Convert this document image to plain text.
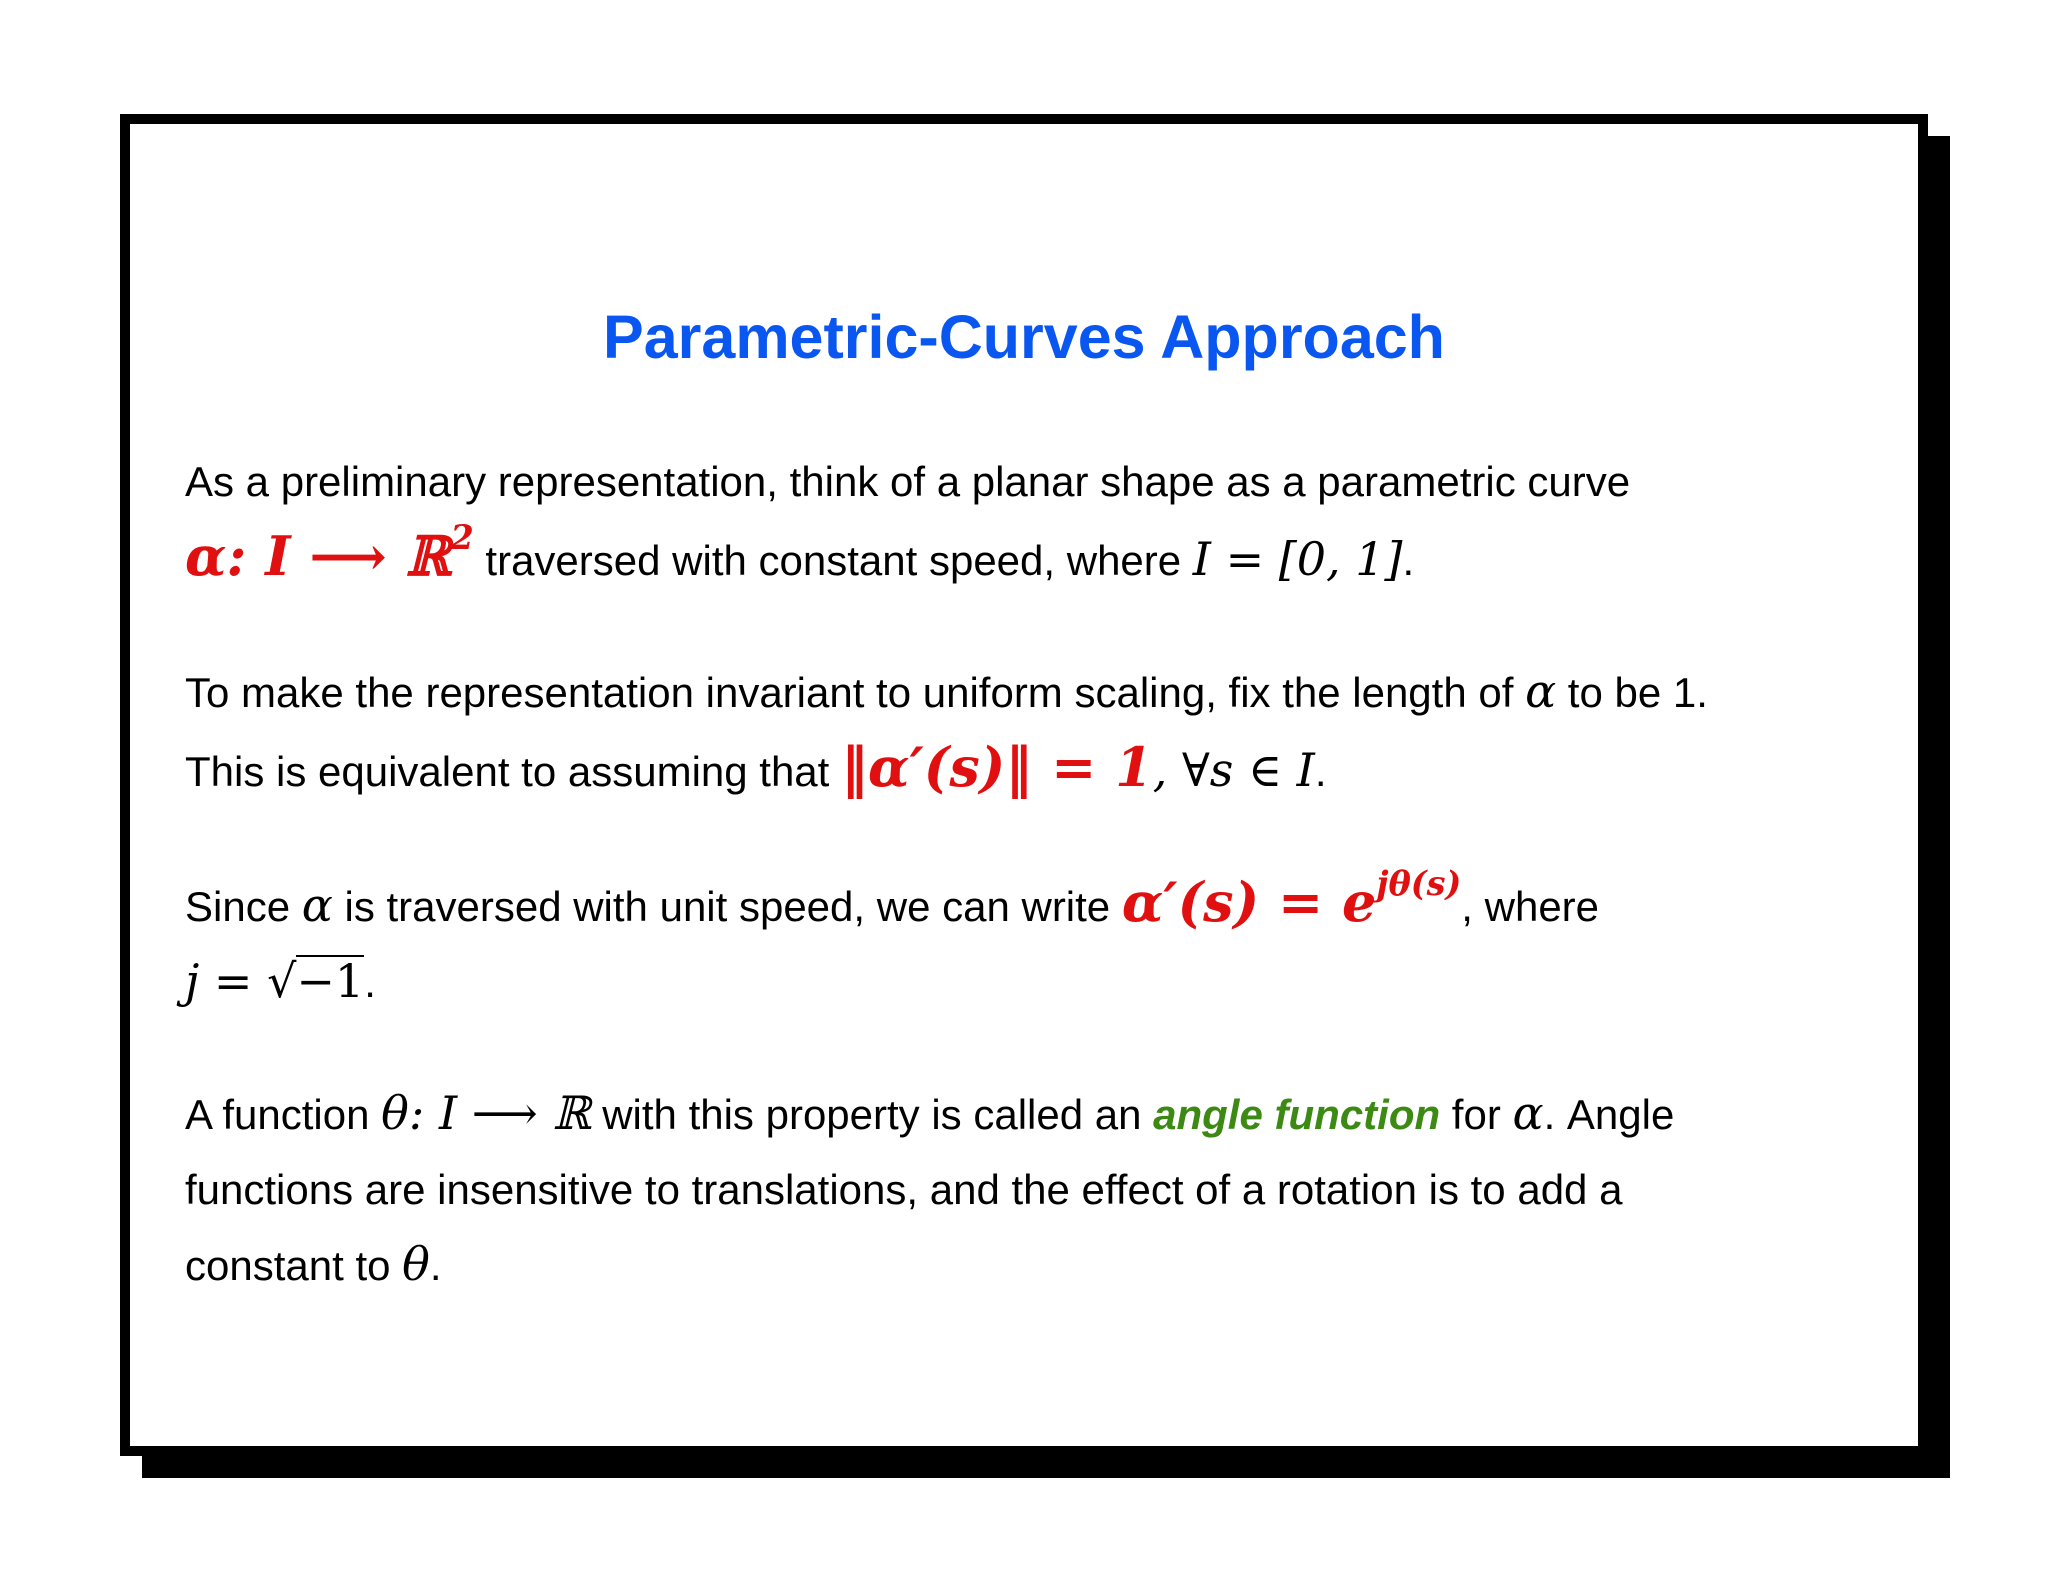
Parametric-Curves Approach

As a preliminary representation, think of a planar shape as a parametric curve
α: I ⟶ ℝ$^2$ traversed with constant speed, where I = [0, 1].

To make the representation invariant to uniform scaling, fix the length of α to be 1.
This is equivalent to assuming that ‖α′(s)‖ = 1, ∀s ∈ I.

Since α is traversed with unit speed, we can write $\alpha'(s) = e^{j\theta(s)}$, where
j = √−1.

A function θ: I ⟶ ℝ with this property is called an angle function for α. Angle
functions are insensitive to translations, and the effect of a rotation is to add a
constant to θ.
